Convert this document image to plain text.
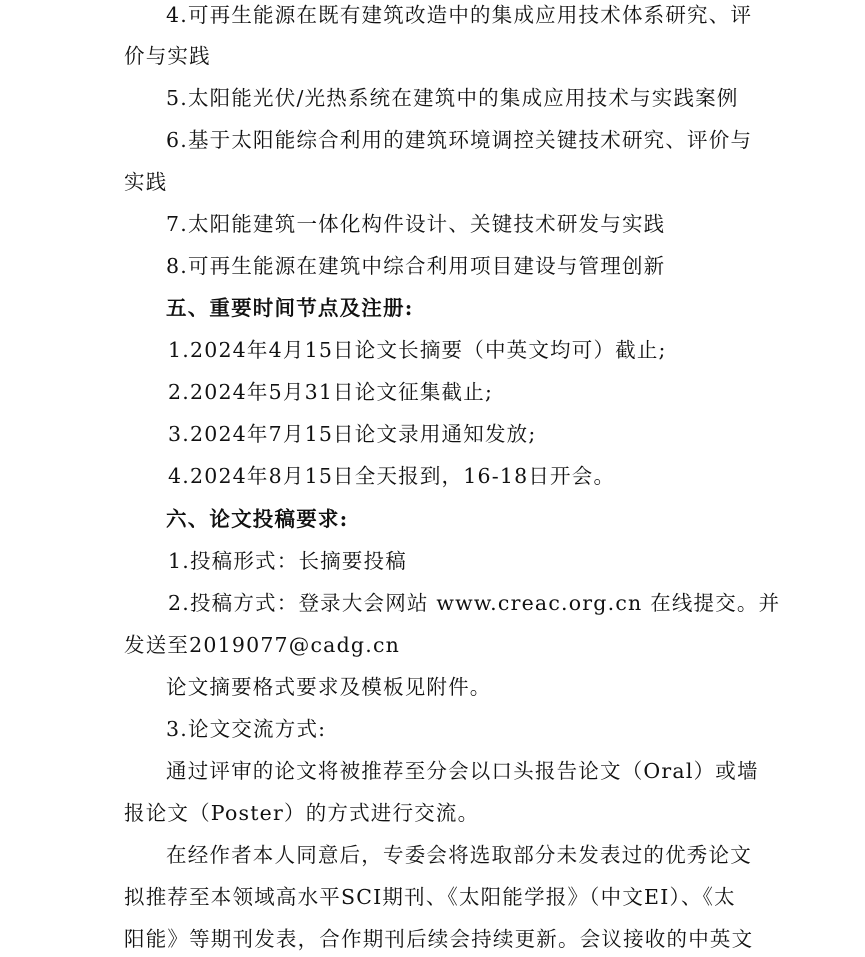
4.可再生能源在既有建筑改造中的集成应用技术体系研究、评
价与实践
5.太阳能光伏/光热系统在建筑中的集成应用技术与实践案例
6.基于太阳能综合利用的建筑环境调控关键技术研究、评价与
实践
7.太阳能建筑一体化构件设计、关键技术研发与实践
8.可再生能源在建筑中综合利用项目建设与管理创新
五、重要时间节点及注册:
1.2024年4月15日论文长摘要（中英文均可）截止;
2.2024年5月31日论文征集截止;
3.2024年7月15日论文录用通知发放;
4.2024年8月15日全天报到，16-18日开会。
六、论文投稿要求:
1.投稿形式：长摘要投稿
2.投稿方式：登录大会网站 www.creac.org.cn 在线提交。并
发送至2019077@cadg.cn
论文摘要格式要求及模板见附件。
3.论文交流方式:
通过评审的论文将被推荐至分会以口头报告论文（Oral）或墙
报论文（Poster）的方式进行交流。
在经作者本人同意后，专委会将选取部分未发表过的优秀论文
拟推荐至本领域高水平SCI期刊、《太阳能学报》（中文EI）、《太
阳能》等期刊发表，合作期刊后续会持续更新。会议接收的中英文
